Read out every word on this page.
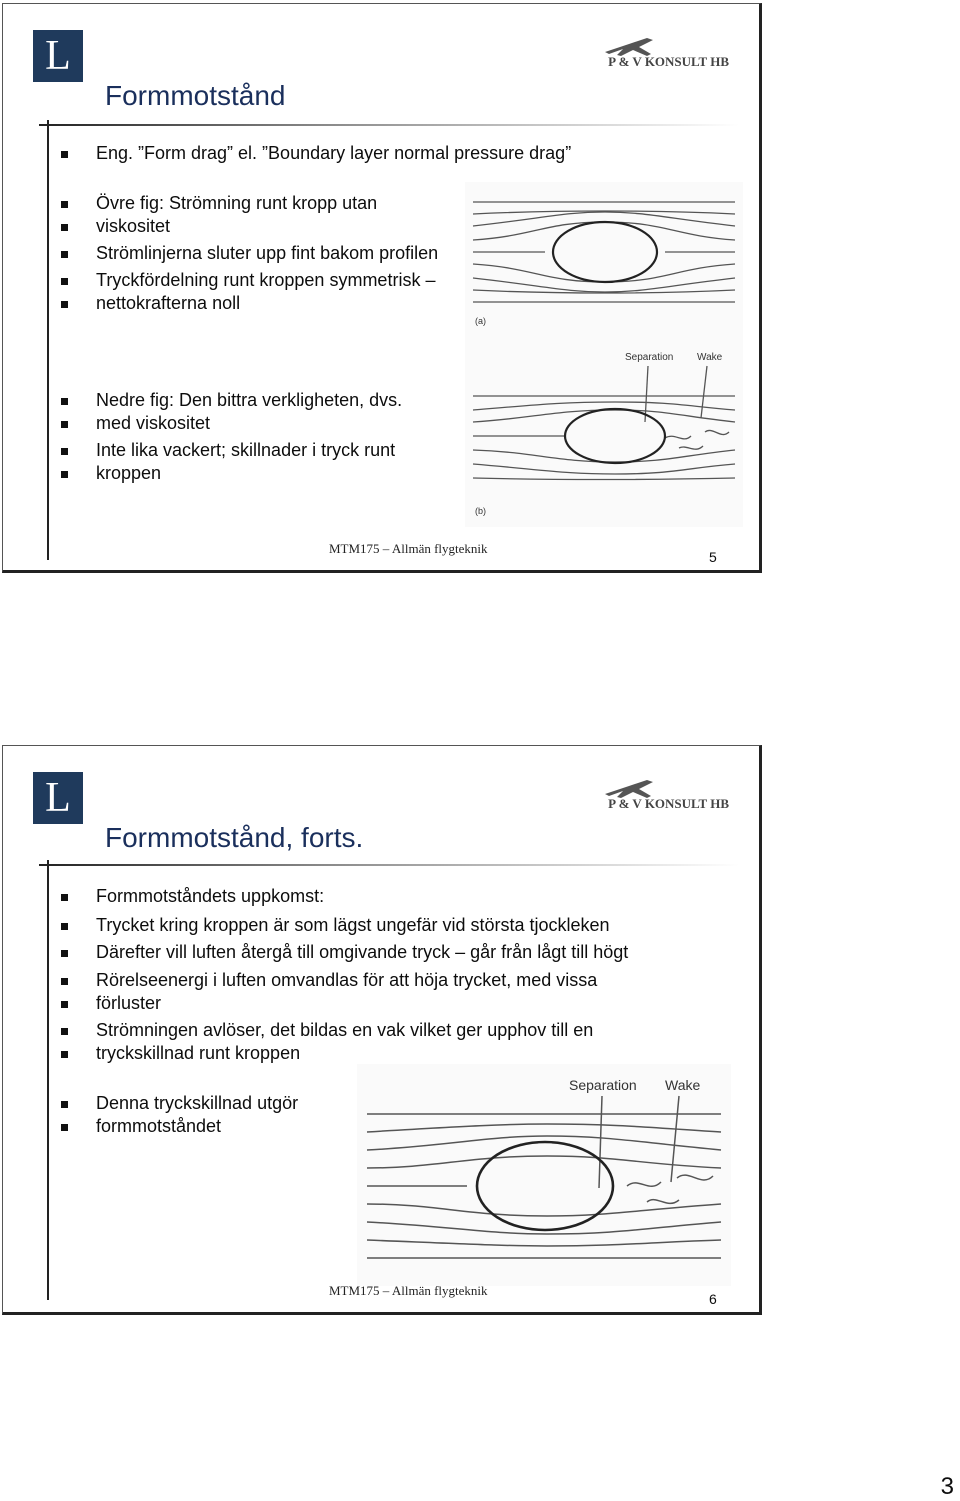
L	P & V KONSULT HB
Formmotstånd
Eng. ”Form drag” el. ”Boundary layer normal pressure drag”
Övre fig: Strömning runt kropp utan
viskositet
Strömlinjerna sluter upp fint bakom profilen
Tryckfördelning runt kroppen symmetrisk –
nettokrafterna noll
Nedre fig: Den bittra verkligheten, dvs.
med viskositet
Inte lika vackert; skillnader i tryck runt
kroppen
(a)
Separation Wake
(b)
MTM175 – Allmän flygteknik
5
L	P & V KONSULT HB
Formmotstånd, forts.
Formmotståndets uppkomst:
Trycket kring kroppen är som lägst ungefär vid största tjockleken
Därefter vill luften återgå till omgivande tryck – går från lågt till högt
Rörelseenergi i luften omvandlas för att höja trycket, med vissa
förluster
Strömningen avlöser, det bildas en vak vilket ger upphov till en
tryckskillnad runt kroppen
Denna tryckskillnad utgör
formmotståndet
Separation Wake
MTM175 – Allmän flygteknik
6
3
